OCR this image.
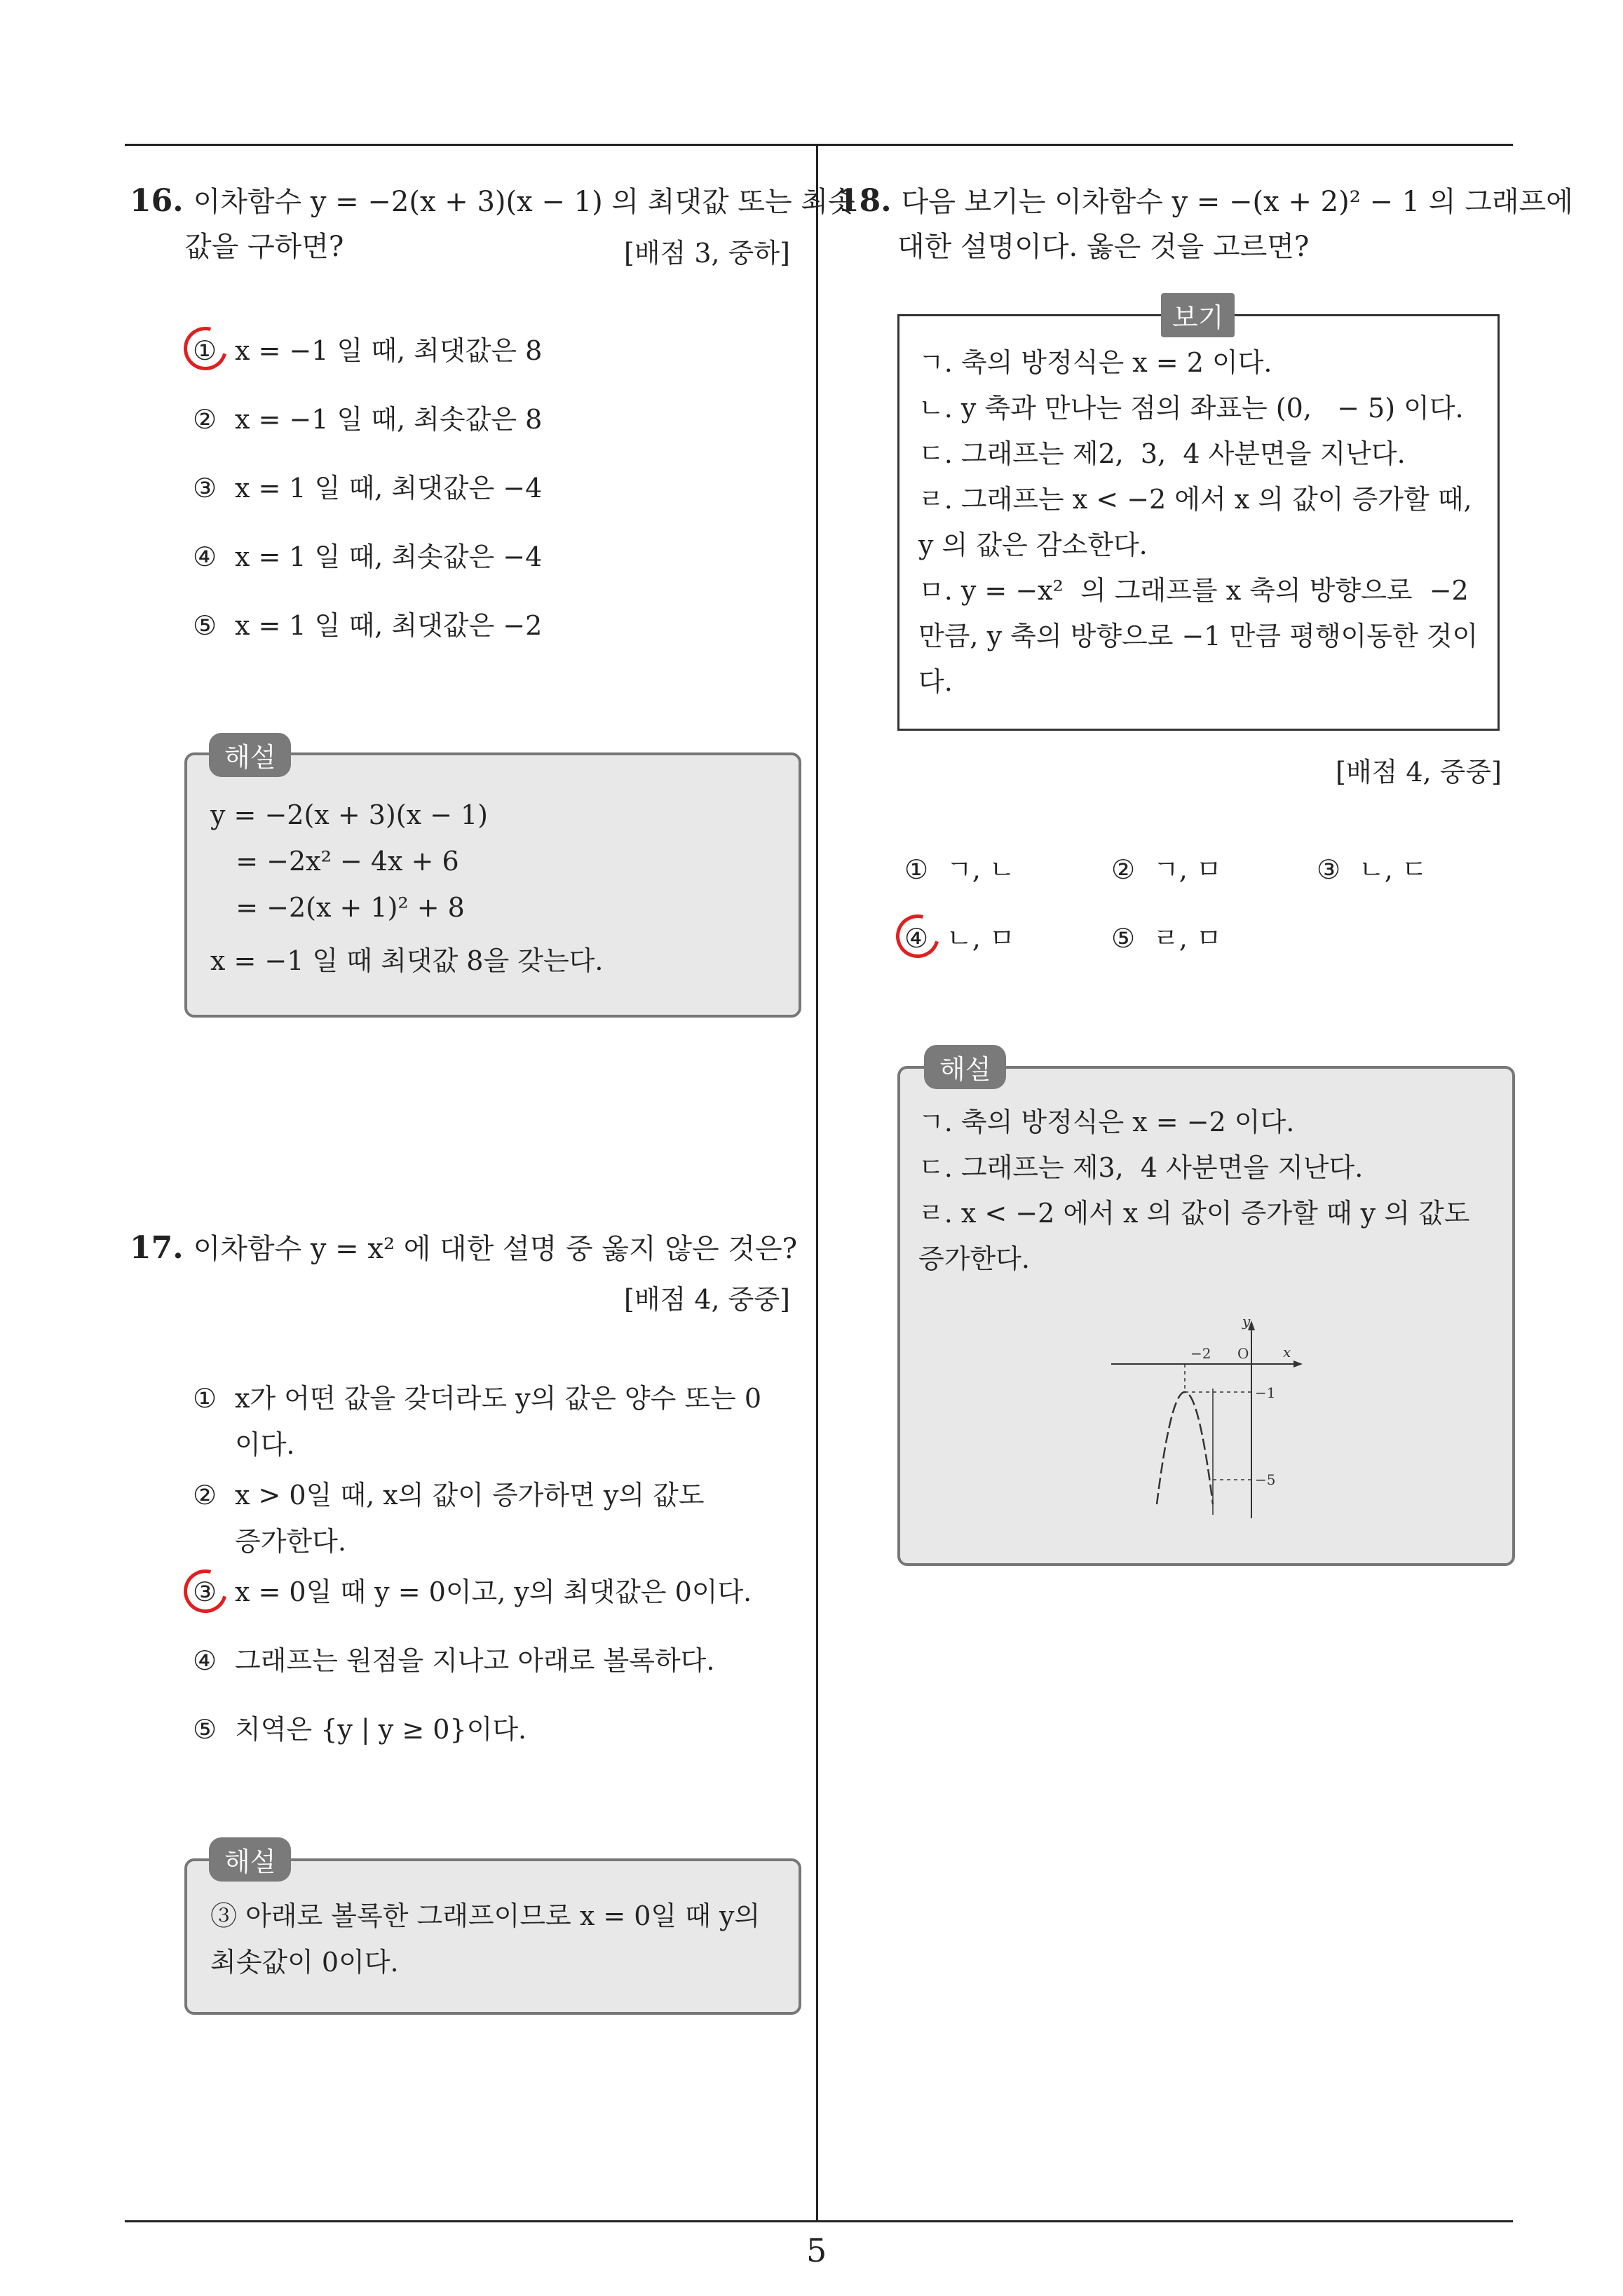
16. 이차함수 y = −2(x + 3)(x − 1) 의 최댓값 또는 최솟
값을 구하면?	[배점 3, 중하]
① x = −1 일 때, 최댓값은 8
② x = −1 일 때, 최솟값은 8
③ x = 1 일 때, 최댓값은 −4
④ x = 1 일 때, 최솟값은 −4
⑤ x = 1 일 때, 최댓값은 −2
해설
y = −2(x + 3)(x − 1)
= −2x² − 4x + 6
= −2(x + 1)² + 8
x = −1 일 때 최댓값 8을 갖는다.
17. 이차함수 y = x² 에 대한 설명 중 옳지 않은 것은?
[배점 4, 중중]
① x가 어떤 값을 갖더라도 y의 값은 양수 또는 0
이다.
② x > 0일 때, x의 값이 증가하면 y의 값도
증가한다.
③ x = 0일 때 y = 0이고, y의 최댓값은 0이다.
④ 그래프는 원점을 지나고 아래로 볼록하다.
⑤ 치역은 {y | y ≥ 0}이다.
해설
③ 아래로 볼록한 그래프이므로 x = 0일 때 y의
최솟값이 0이다.
18. 다음 보기는 이차함수 y = −(x + 2)² − 1 의 그래프에
대한 설명이다. 옳은 것을 고르면?
보기
ㄱ. 축의 방정식은 x = 2 이다.
ㄴ. y 축과 만나는 점의 좌표는 (0,   − 5) 이다.
ㄷ. 그래프는 제2,  3,  4 사분면을 지난다.
ㄹ. 그래프는 x < −2 에서 x 의 값이 증가할 때,
y 의 값은 감소한다.
ㅁ. y = −x²  의 그래프를 x 축의 방향으로  −2
만큼, y 축의 방향으로 −1 만큼 평행이동한 것이
다.
[배점 4, 중중]
① ㄱ, ㄴ	② ㄱ, ㅁ	③ ㄴ, ㄷ
④ ㄴ, ㅁ	⑤ ㄹ, ㅁ
해설
ㄱ. 축의 방정식은 x = −2 이다.
ㄷ. 그래프는 제3,  4 사분면을 지난다.
ㄹ. x < −2 에서 x 의 값이 증가할 때 y 의 값도
증가한다.
y
x
O
−2
−1
−5
5
